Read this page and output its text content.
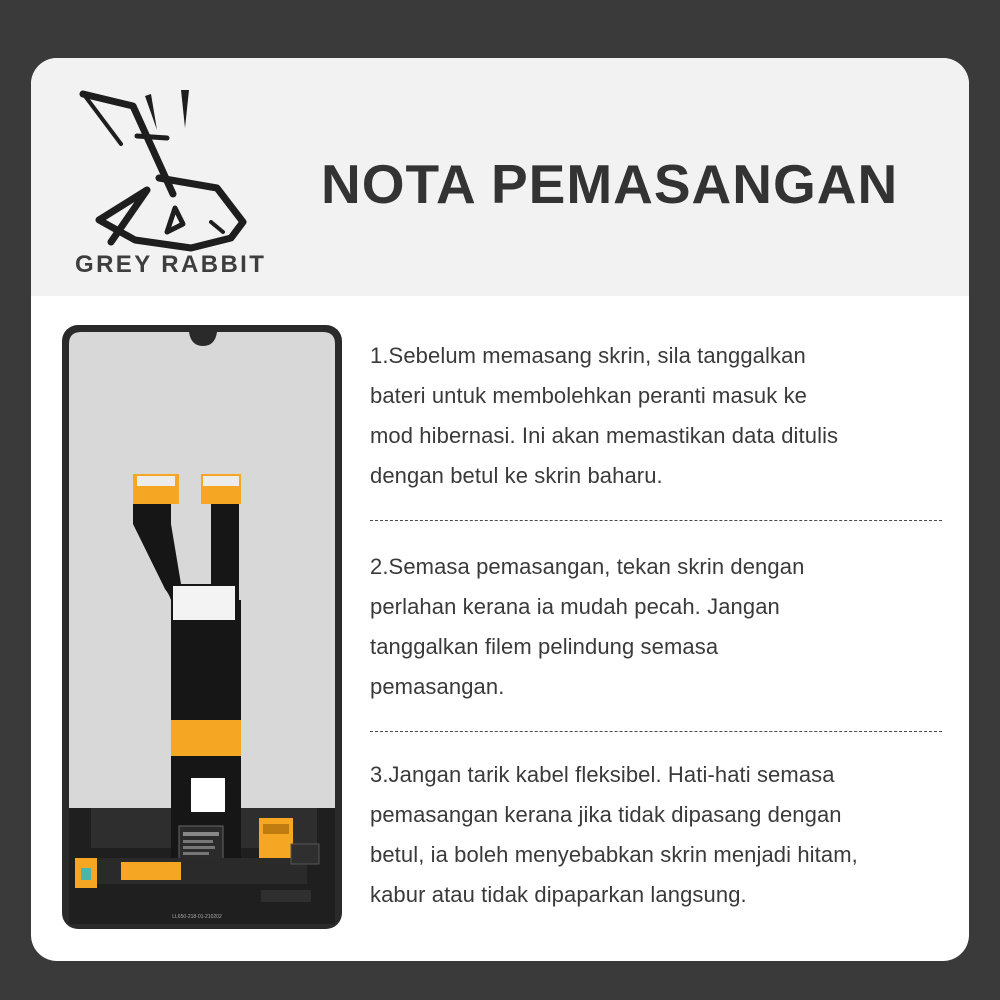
GREY RABBIT
NOTA PEMASANGAN
LL650-218-01-210202

1.Sebelum memasang skrin, sila tanggalkan

bateri untuk membolehkan peranti masuk ke

mod hibernasi. Ini akan memastikan data ditulis

dengan betul ke skrin baharu.

2.Semasa pemasangan, tekan skrin dengan

perlahan kerana ia mudah pecah. Jangan

tanggalkan filem pelindung semasa

pemasangan.

3.Jangan tarik kabel fleksibel. Hati-hati semasa

pemasangan kerana jika tidak dipasang dengan

betul, ia boleh menyebabkan skrin menjadi hitam,

kabur atau tidak dipaparkan langsung.
